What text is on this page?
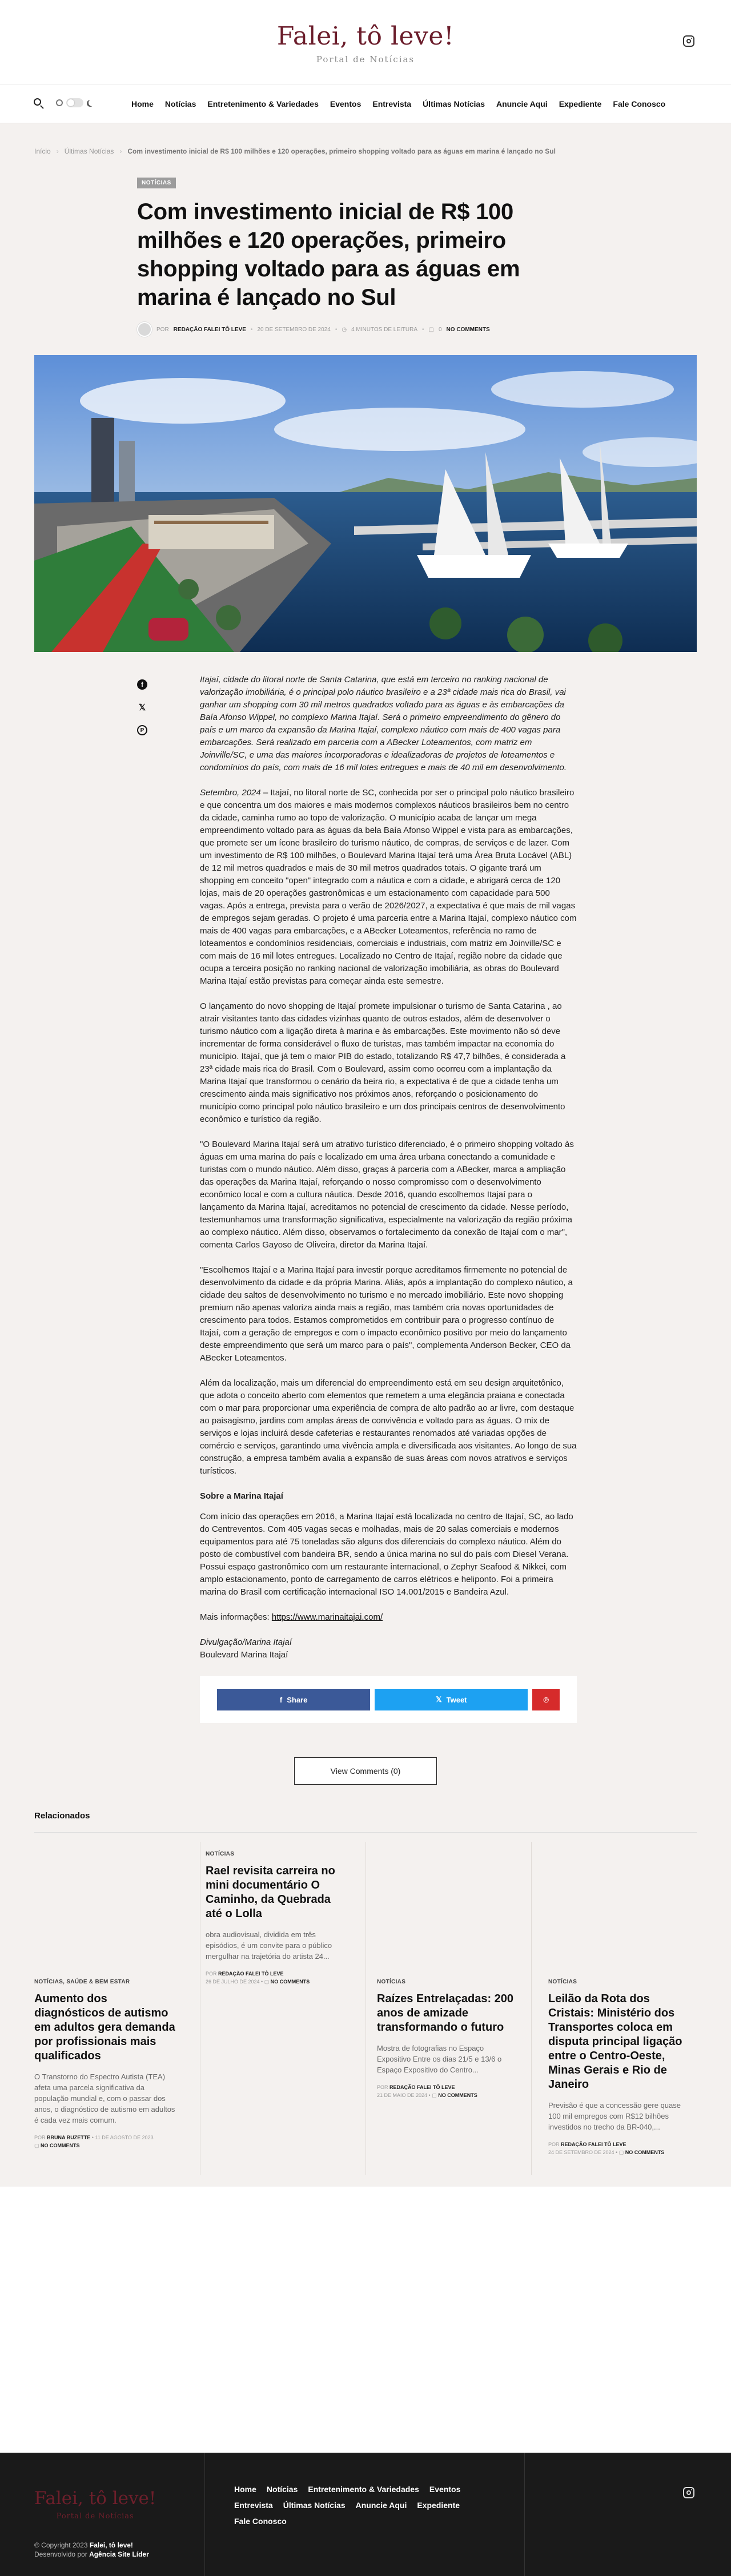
Falei, tô leve!
Portal de Notícias
Home Notícias Entretenimento & Variedades Eventos Entrevista Últimas Notícias Anuncie Aqui Expediente Fale Conosco
Início › Últimas Notícias › Com investimento inicial de R$ 100 milhões e 120 operações, primeiro shopping voltado para as águas em marina é lançado no Sul
NOTÍCIAS
Com investimento inicial de R$ 100 milhões e 120 operações, primeiro shopping voltado para as águas em marina é lançado no Sul
POR REDAÇÃO FALEI TÔ LEVE • 20 DE SETEMBRO DE 2024 • ◷ 4 MINUTOS DE LEITURA • ▢ 0 NO COMMENTS
f
𝕏
P

Itajaí, cidade do litoral norte de Santa Catarina, que está em terceiro no ranking nacional de valorização imobiliária, é o principal polo náutico brasileiro e a 23ª cidade mais rica do Brasil, vai ganhar um shopping com 30 mil metros quadrados voltado para as águas e às embarcações da Baía Afonso Wippel, no complexo Marina Itajaí. Será o primeiro empreendimento do gênero do país e um marco da expansão da Marina Itajaí, complexo náutico com mais de 400 vagas para embarcações. Será realizado em parceria com a ABecker Loteamentos, com matriz em Joinville/SC, e uma das maiores incorporadoras e idealizadoras de projetos de loteamentos e condomínios do país, com mais de 16 mil lotes entregues e mais de 40 mil em desenvolvimento.

Setembro, 2024 – Itajaí, no litoral norte de SC, conhecida por ser o principal polo náutico brasileiro e que concentra um dos maiores e mais modernos complexos náuticos brasileiros bem no centro da cidade, caminha rumo ao topo de valorização. O município acaba de lançar um mega empreendimento voltado para as águas da bela Baía Afonso Wippel e vista para as embarcações, que promete ser um ícone brasileiro do turismo náutico, de compras, de serviços e de lazer. Com um investimento de R$ 100 milhões, o Boulevard Marina Itajaí terá uma Área Bruta Locável (ABL) de 12 mil metros quadrados e mais de 30 mil metros quadrados totais. O gigante trará um shopping em conceito "open" integrado com a náutica e com a cidade, e abrigará cerca de 120 lojas, mais de 20 operações gastronômicas e um estacionamento com capacidade para 500 vagas. Após a entrega, prevista para o verão de 2026/2027, a expectativa é que mais de mil vagas de empregos sejam geradas. O projeto é uma parceria entre a Marina Itajaí, complexo náutico com mais de 400 vagas para embarcações, e a ABecker Loteamentos, referência no ramo de loteamentos e condomínios residenciais, comerciais e industriais, com matriz em Joinville/SC e com mais de 16 mil lotes entregues. Localizado no Centro de Itajaí, região nobre da cidade que ocupa a terceira posição no ranking nacional de valorização imobiliária, as obras do Boulevard Marina Itajaí estão previstas para começar ainda este semestre.

O lançamento do novo shopping de Itajaí promete impulsionar o turismo de Santa Catarina , ao atrair visitantes tanto das cidades vizinhas quanto de outros estados, além de desenvolver o turismo náutico com a ligação direta à marina e às embarcações. Este movimento não só deve incrementar de forma considerável o fluxo de turistas, mas também impactar na economia do município. Itajaí, que já tem o maior PIB do estado, totalizando R$ 47,7 bilhões, é considerada a 23ª cidade mais rica do Brasil. Com o Boulevard, assim como ocorreu com a implantação da Marina Itajaí que transformou o cenário da beira rio, a expectativa é de que a cidade tenha um crescimento ainda mais significativo nos próximos anos, reforçando o posicionamento do município como principal polo náutico brasileiro e um dos principais centros de desenvolvimento econômico e turístico da região.

"O Boulevard Marina Itajaí será um atrativo turístico diferenciado, é o primeiro shopping voltado às águas em uma marina do país e localizado em uma área urbana conectando a comunidade e turistas com o mundo náutico. Além disso, graças à parceria com a ABecker, marca a ampliação das operações da Marina Itajaí, reforçando o nosso compromisso com o desenvolvimento econômico local e com a cultura náutica. Desde 2016, quando escolhemos Itajaí para o lançamento da Marina Itajaí, acreditamos no potencial de crescimento da cidade. Nesse período, testemunhamos uma transformação significativa, especialmente na valorização da região próxima ao complexo náutico. Além disso, observamos o fortalecimento da conexão de Itajaí com o mar", comenta Carlos Gayoso de Oliveira, diretor da Marina Itajaí.

"Escolhemos Itajaí e a Marina Itajaí para investir porque acreditamos firmemente no potencial de desenvolvimento da cidade e da própria Marina. Aliás, após a implantação do complexo náutico, a cidade deu saltos de desenvolvimento no turismo e no mercado imobiliário. Este novo shopping premium não apenas valoriza ainda mais a região, mas também cria novas oportunidades de crescimento para todos. Estamos comprometidos em contribuir para o progresso contínuo de Itajaí, com a geração de empregos e com o impacto econômico positivo por meio do lançamento deste empreendimento que será um marco para o país", complementa Anderson Becker, CEO da ABecker Loteamentos.

Além da localização, mais um diferencial do empreendimento está em seu design arquitetônico, que adota o conceito aberto com elementos que remetem a uma elegância praiana e conectada com o mar para proporcionar uma experiência de compra de alto padrão ao ar livre, com destaque ao paisagismo, jardins com amplas áreas de convivência e voltado para as águas. O mix de serviços e lojas incluirá desde cafeterias e restaurantes renomados até variadas opções de comércio e serviços, garantindo uma vivência ampla e diversificada aos visitantes. Ao longo de sua construção, a empresa também avalia a expansão de suas áreas com novos atrativos e serviços turísticos.

Sobre a Marina Itajaí

Com início das operações em 2016, a Marina Itajaí está localizada no centro de Itajaí, SC, ao lado do Centreventos. Com 405 vagas secas e molhadas, mais de 20 salas comerciais e modernos equipamentos para até 75 toneladas são alguns dos diferenciais do complexo náutico. Além do posto de combustível com bandeira BR, sendo a única marina no sul do país com Diesel Verana. Possui espaço gastronômico com um restaurante internacional, o Zephyr Seafood & Nikkei, com amplo estacionamento, ponto de carregamento de carros elétricos e heliponto. Foi a primeira marina do Brasil com certificação internacional ISO 14.001/2015 e Bandeira Azul.

Mais informações: https://www.marinaitajai.com/

Divulgação/Marina Itajaí
Boulevard Marina Itajaí

f Share	𝕏 Tweet	℗
View Comments (0)
Relacionados
NOTÍCIAS, SAÚDE & BEM ESTAR
Aumento dos diagnósticos de autismo em adultos gera demanda por profissionais mais qualificados
O Transtorno do Espectro Autista (TEA) afeta uma parcela significativa da população mundial e, com o passar dos anos, o diagnóstico de autismo em adultos é cada vez mais comum.
POR BRUNA BUZETTE • 11 DE AGOSTO DE 2023
▢ NO COMMENTS
NOTÍCIAS
Rael revisita carreira no mini documentário O Caminho, da Quebrada até o Lolla
obra audiovisual, dividida em três episódios, é um convite para o público mergulhar na trajetória do artista 24...
POR REDAÇÃO FALEI TÔ LEVE
26 DE JULHO DE 2024 • ▢ NO COMMENTS	NOTÍCIAS
Raízes Entrelaçadas: 200 anos de amizade transformando o futuro
Mostra de fotografias no Espaço Expositivo Entre os dias 21/5 e 13/6 o Espaço Expositivo do Centro...
POR REDAÇÃO FALEI TÔ LEVE
21 DE MAIO DE 2024 • ▢ NO COMMENTS
NOTÍCIAS
Leilão da Rota dos Cristais: Ministério dos Transportes coloca em disputa principal ligação entre o Centro-Oeste, Minas Gerais e Rio de Janeiro
Previsão é que a concessão gere quase 100 mil empregos com R$12 bilhões investidos no trecho da BR-040,...
POR REDAÇÃO FALEI TÔ LEVE
24 DE SETEMBRO DE 2024 • ▢ NO COMMENTS
Falei, tô leve!
Portal de Notícias
© Copyright 2023 Falei, tô leve!
Desenvolvido por Agência Site Líder
Home Notícias Entretenimento & Variedades Eventos
Entrevista Últimas Notícias Anuncie Aqui Expediente
Fale Conosco
